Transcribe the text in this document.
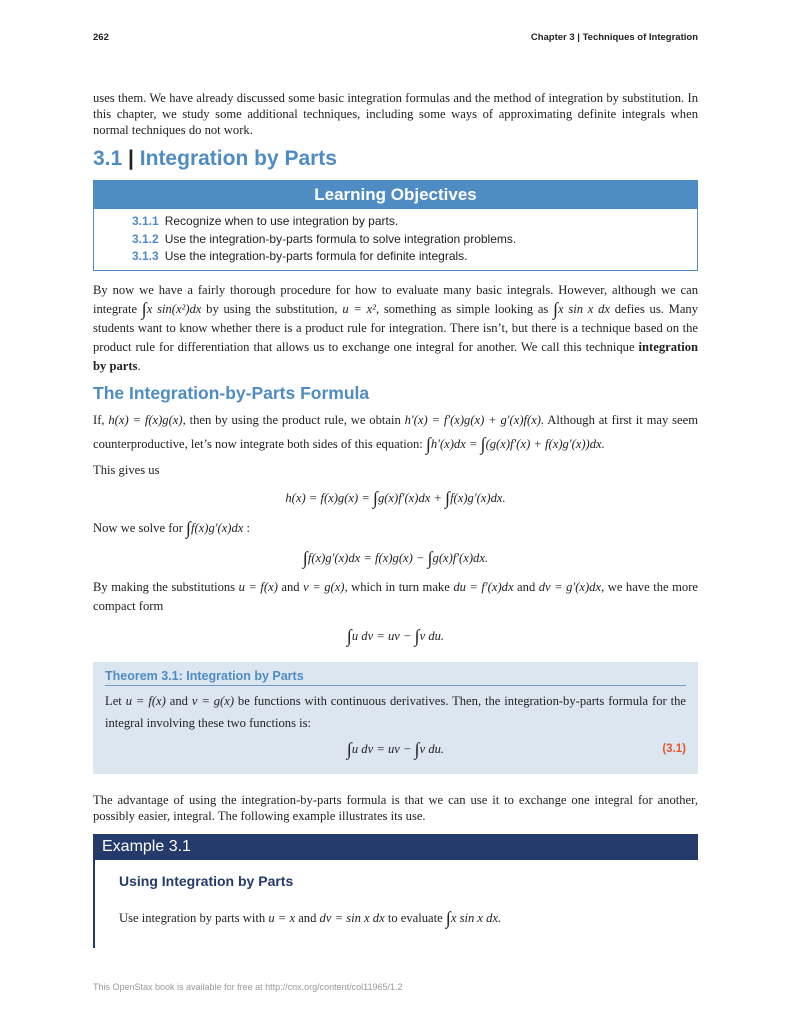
262	Chapter 3 | Techniques of Integration

uses them. We have already discussed some basic integration formulas and the method of integration by substitution. In this chapter, we study some additional techniques, including some ways of approximating definite integrals when normal techniques do not work.

3.1 | Integration by Parts
Learning Objectives
3.1.1 Recognize when to use integration by parts.
3.1.2 Use the integration-by-parts formula to solve integration problems.
3.1.3 Use the integration-by-parts formula for definite integrals.

By now we have a fairly thorough procedure for how to evaluate many basic integrals. However, although we can integrate ∫x sin(x²)dx by using the substitution, u = x², something as simple looking as ∫x sin x dx defies us. Many students want to know whether there is a product rule for integration. There isn’t, but there is a technique based on the product rule for differentiation that allows us to exchange one integral for another. We call this technique integration by parts.

The Integration-by-Parts Formula

If, h(x) = f(x)g(x), then by using the product rule, we obtain h′(x) = f′(x)g(x) + g′(x)f(x). Although at first it may seem counterproductive, let’s now integrate both sides of this equation: ∫h′(x)dx = ∫(g(x)f′(x) + f(x)g′(x))dx.

This gives us

h(x) = f(x)g(x) = ∫g(x)f′(x)dx + ∫f(x)g′(x)dx.

Now we solve for ∫f(x)g′(x)dx :

∫f(x)g′(x)dx = f(x)g(x) − ∫g(x)f′(x)dx.

By making the substitutions u = f(x) and v = g(x), which in turn make du = f′(x)dx and dv = g′(x)dx, we have the more compact form

∫u dv = uv − ∫v du.
Theorem 3.1: Integration by Parts
Let u = f(x) and v = g(x) be functions with continuous derivatives. Then, the integration-by-parts formula for the integral involving these two functions is:
∫u dv = uv − ∫v du.	(3.1)

The advantage of using the integration-by-parts formula is that we can use it to exchange one integral for another, possibly easier, integral. The following example illustrates its use.

Example 3.1
Using Integration by Parts
Use integration by parts with u = x and dv = sin x dx to evaluate ∫x sin x dx.
This OpenStax book is available for free at http://cnx.org/content/col11965/1.2
